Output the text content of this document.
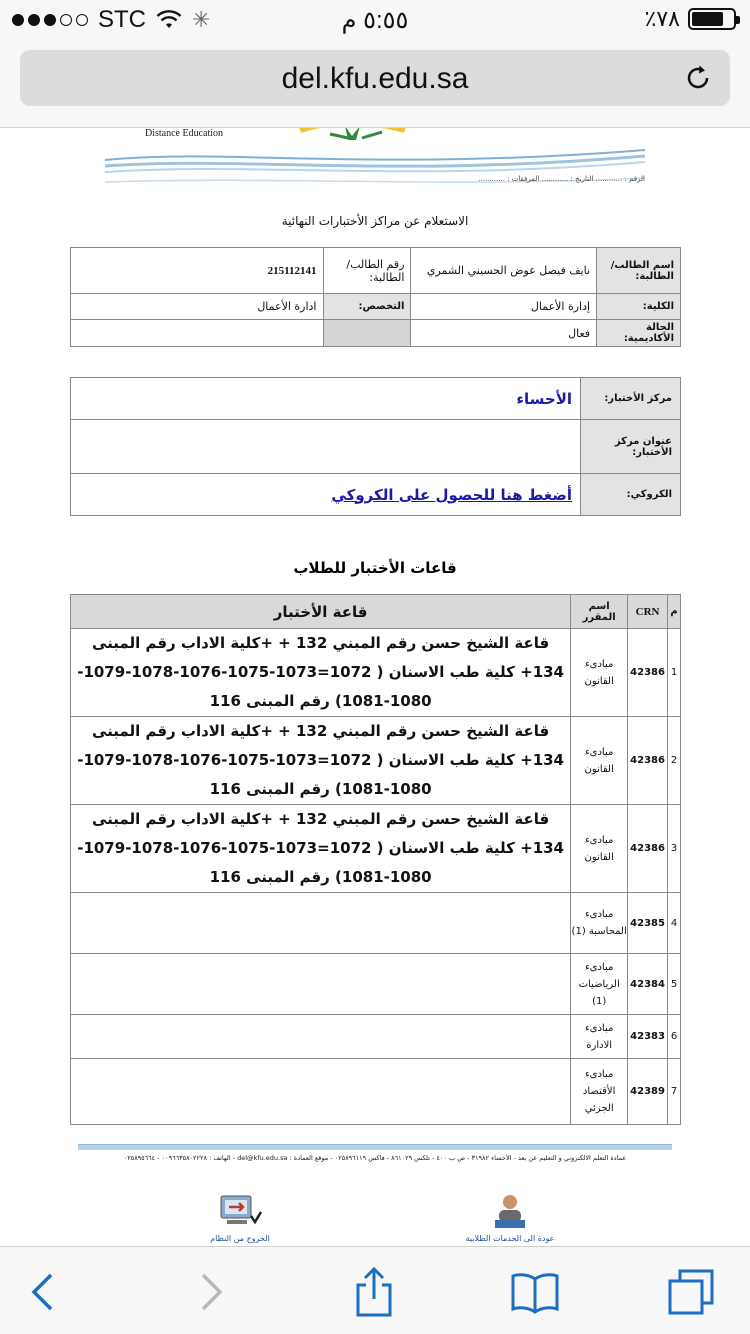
STC ✳	٥:٥٥ م	٪٧٨
del.kfu.edu.sa
Distance Education
الرقم : ............ التاريخ : ............ المرفقات : ............
الاستعلام عن مراكز الأختبارات النهائية
اسم الطالب/ الطالبة:	نايف فيصل عوض الحسيني الشمري	رقم الطالب/الطالبة:	215112141
الكلية:	إدارة الأعمال	التخصص:	ادارة الأعمال
الحالة الأكاديمية:	فعال		
مركز الأختبار:	الأحساء
عنوان مركز الأختبار:	
الكروكي:	أضغط هنا للحصول على الكروكي
قاعات الأختبار للطلاب
م	CRN	اسم المقرر	قاعة الأختبار
1	42386	مبادىء القانون	قاعة الشيخ حسن رقم المبني 132 + +كلية الاداب رقم المبنى 134+ كلية طب الاسنان ( 1072=1073-1075-1076-1078-1079-1080-1081) رقم المبنى 116
2	42386	مبادىء القانون	قاعة الشيخ حسن رقم المبني 132 + +كلية الاداب رقم المبنى 134+ كلية طب الاسنان ( 1072=1073-1075-1076-1078-1079-1080-1081) رقم المبنى 116
3	42386	مبادىء القانون	قاعة الشيخ حسن رقم المبني 132 + +كلية الاداب رقم المبنى 134+ كلية طب الاسنان ( 1072=1073-1075-1076-1078-1079-1080-1081) رقم المبنى 116
4	42385	مبادىء المحاسبة (1)	
5	42384	مبادىء الرياضيات (1)	
6	42383	مبادىء الادارة	
7	42389	مبادىء الأقتصاد الجزئي	
عمادة التعلم الالكتروني و التعليم عن بعد - الأحساء ٣١٩٨٢ - ص ب ٤٠٠ - تلكس ٨٦١٠٢٩ - فاكس ٠٢٥٨٩٦١١٩ - موقع العمادة : del@kfu.edu.sa - الهاتف : ٠٠٩٦٦٣٥٨٠٢٢٢٨ - ٠٢٥٨٩٥٦٦٤
عودة الى الخدمات الطلابية
الخروج من النظام
